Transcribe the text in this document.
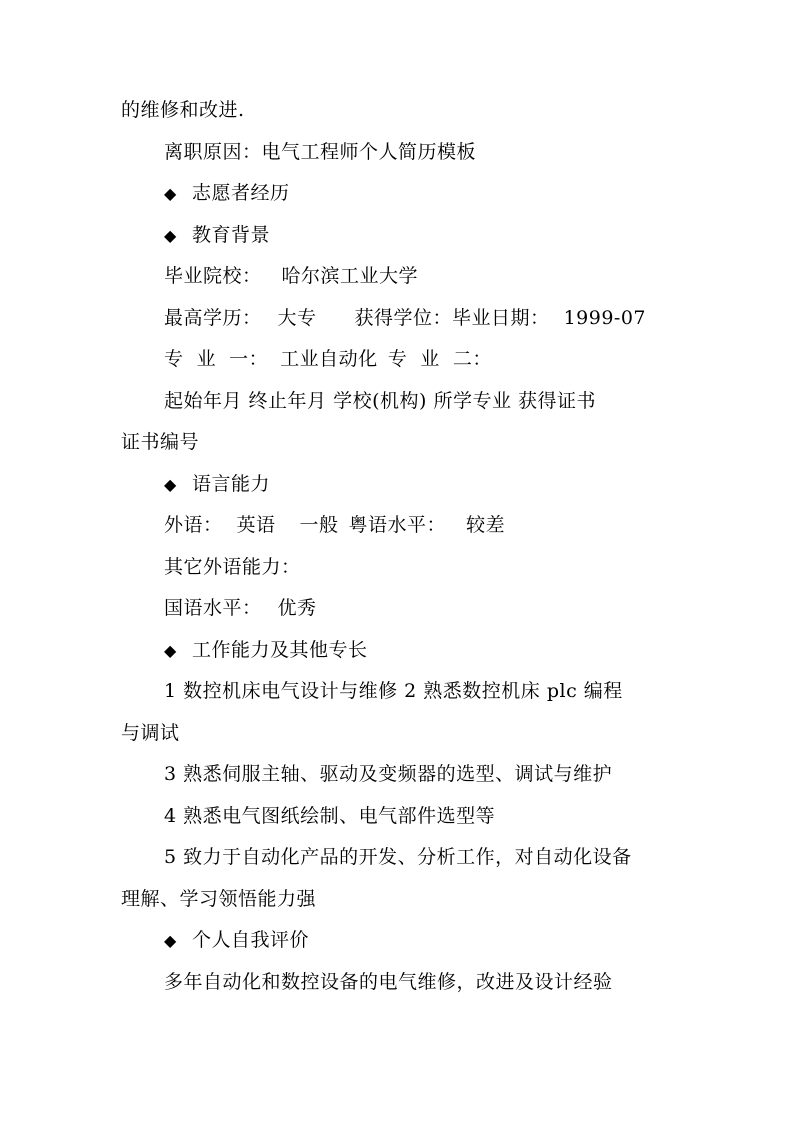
的维修和改进.
离职原因：电气工程师个人简历模板
◆ 志愿者经历
◆ 教育背景
毕业院校： 哈尔滨工业大学
最高学历： 大专 获得学位：毕业日期： 1999-07
专  业  一： 工业自动化 专  业  二：
起始年月 终止年月 学校(机构) 所学专业 获得证书
证书编号
◆ 语言能力
外语： 英语 一般 粤语水平： 较差
其它外语能力：
国语水平： 优秀
◆ 工作能力及其他专长
1 数控机床电气设计与维修 2 熟悉数控机床 plc 编程
与调试
3 熟悉伺服主轴、驱动及变频器的选型、调试与维护
4 熟悉电气图纸绘制、电气部件选型等
5 致力于自动化产品的开发、分析工作，对自动化设备
理解、学习领悟能力强
◆ 个人自我评价
多年自动化和数控设备的电气维修，改进及设计经验
